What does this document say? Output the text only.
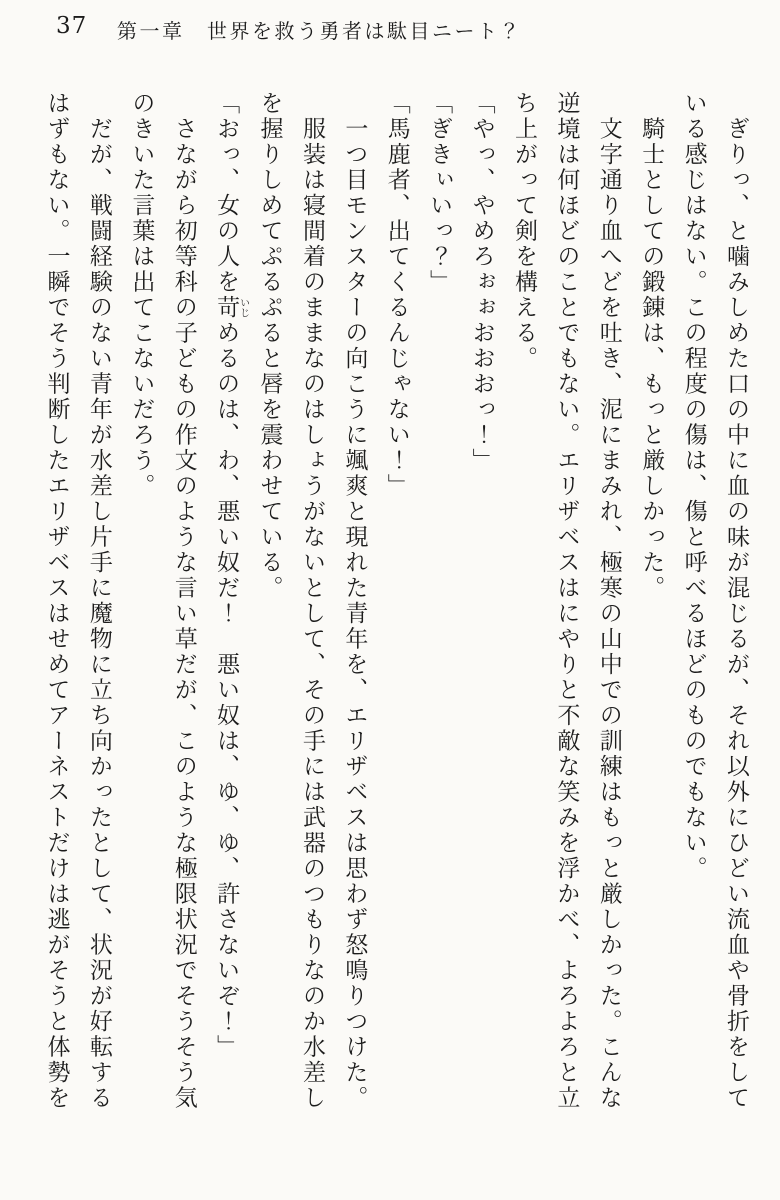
37 第一章　世界を救う勇者は駄目ニート？

　ぎりっ、と噛みしめた口の中に血の味が混じるが、それ以外にひどい流血や骨折をして

いる感じはない。この程度の傷は、傷と呼べるほどのものでもない。

　騎士としての鍛錬は、もっと厳しかった。

　文字通り血へどを吐き、泥にまみれ、極寒の山中での訓練はもっと厳しかった。こんな

逆境は何ほどのことでもない。エリザベスはにやりと不敵な笑みを浮かべ、よろよろと立

ち上がって剣を構える。

「やっ、やめろぉぉおおおっ！」

「ぎきぃいっ？」

「馬鹿者、出てくるんじゃない！」

　一つ目モンスターの向こうに颯爽と現れた青年を、エリザベスは思わず怒鳴りつけた。

　服装は寝間着のままなのはしょうがないとして、その手には武器のつもりなのか水差し

を握りしめてぷるぷると唇を震わせている。

「おっ、女の人を苛いじめるのは、わ、悪い奴だ！　悪い奴は、ゆ、ゆ、許さないぞ！」

　さながら初等科の子どもの作文のような言い草だが、このような極限状況でそうそう気

のきいた言葉は出てこないだろう。

　だが、戦闘経験のない青年が水差し片手に魔物に立ち向かったとして、状況が好転する

はずもない。一瞬でそう判断したエリザベスはせめてアーネストだけは逃がそうと体勢を
